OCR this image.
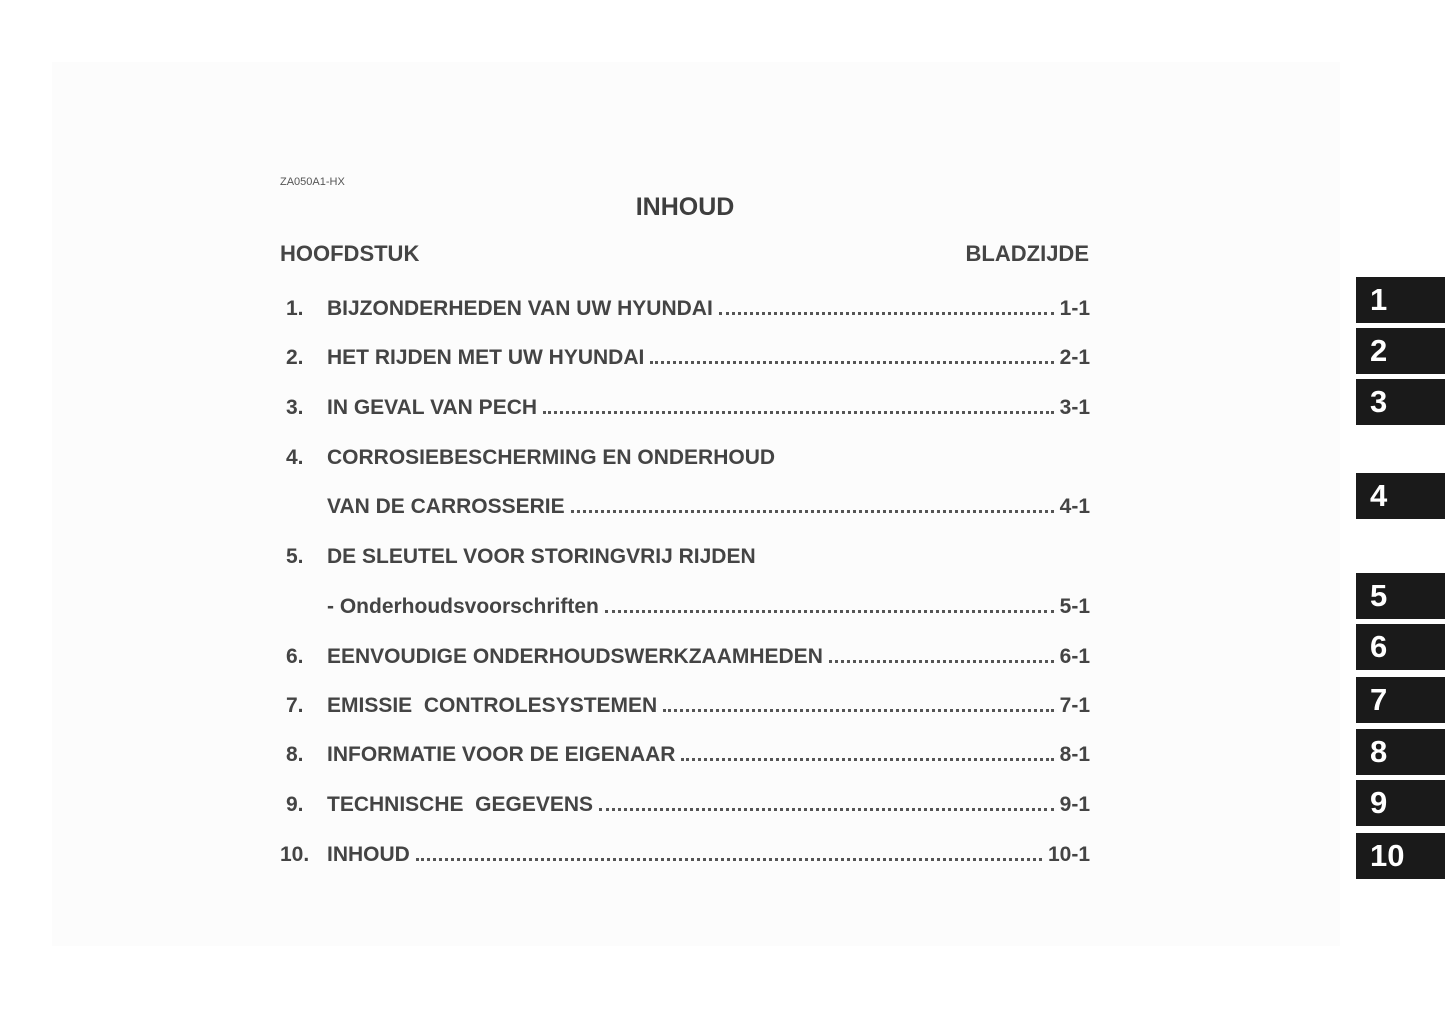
ZA050A1-HX
INHOUD
HOOFDSTUK	BLADZIJDE
1.	BIJZONDERHEDEN VAN UW HYUNDAI	1-1
2.	HET RIJDEN MET UW HYUNDAI	2-1
3.	IN GEVAL VAN PECH	3-1
4.	CORROSIEBESCHERMING EN ONDERHOUD
VAN DE CARROSSERIE	4-1
5.	DE SLEUTEL VOOR STORINGVRIJ RIJDEN
- Onderhoudsvoorschriften	5-1
6.	EENVOUDIGE ONDERHOUDSWERKZAAMHEDEN	6-1
7.	EMISSIE  CONTROLESYSTEMEN	7-1
8.	INFORMATIE VOOR DE EIGENAAR	8-1
9.	TECHNISCHE  GEGEVENS	9-1
10. INHOUD	10-1
1
2
3
4
5
6
7
8
9
10
